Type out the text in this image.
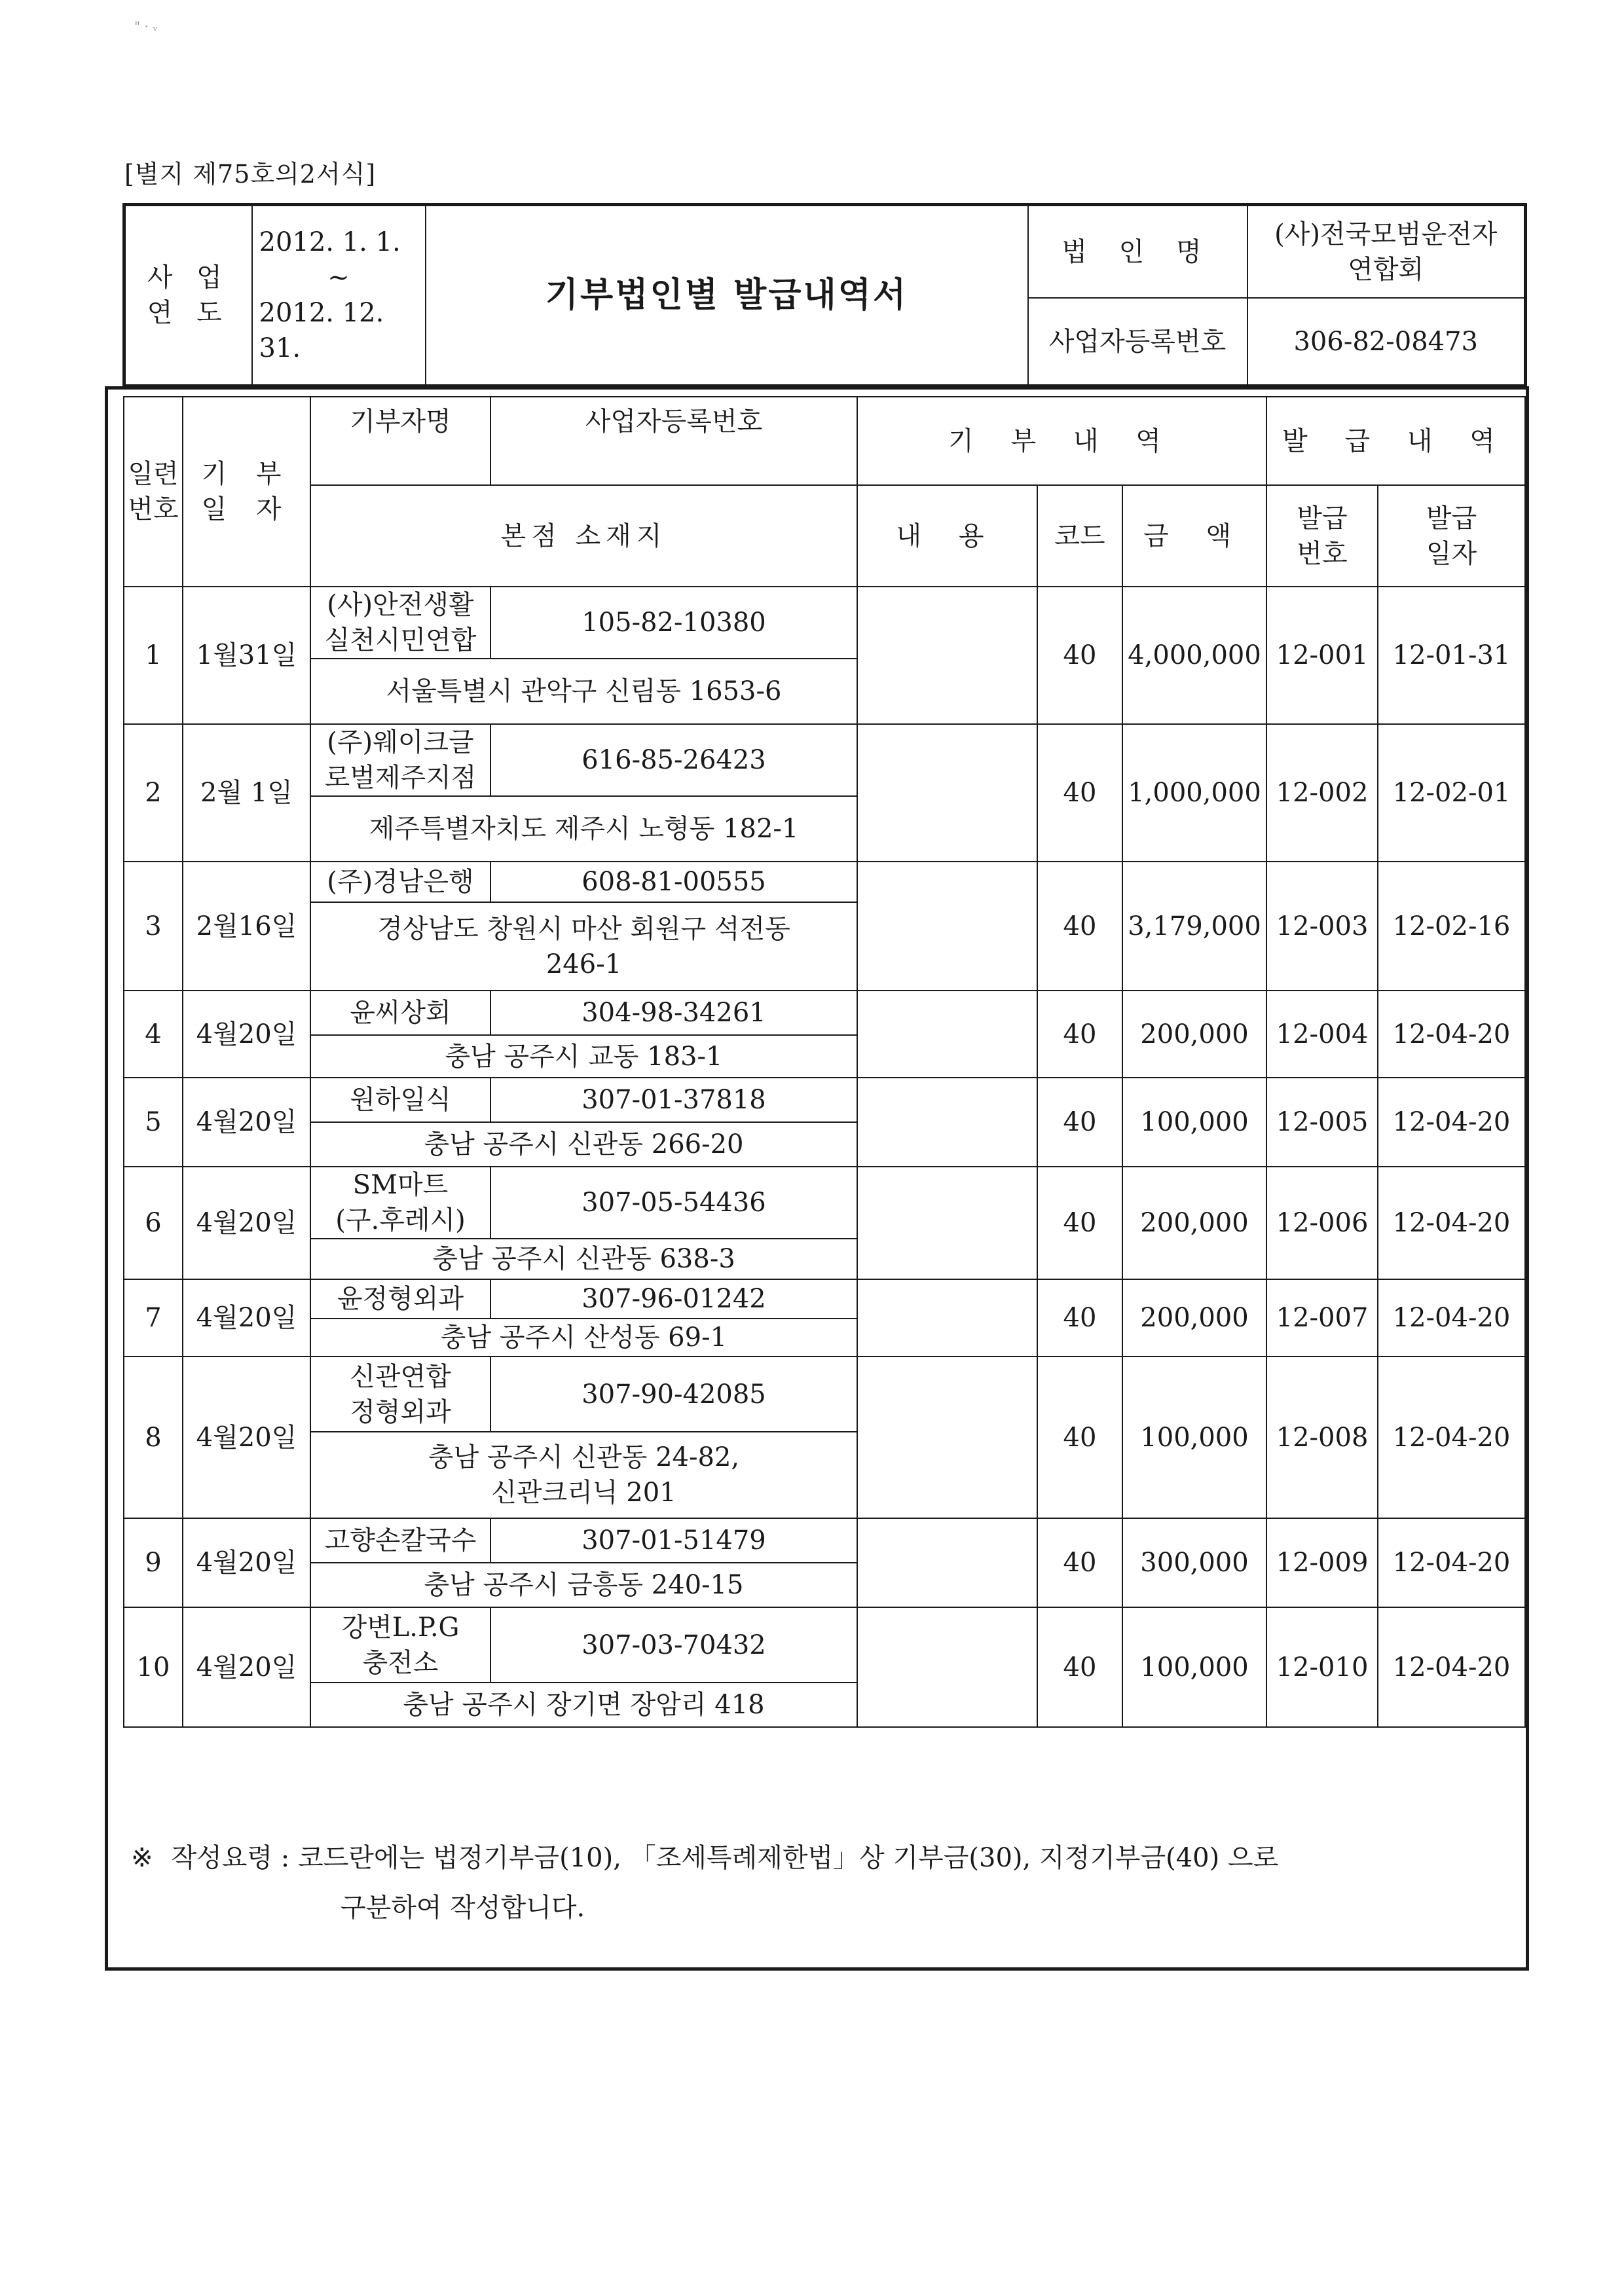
" · ᵥ
[별지 제75호의2서식]
사 업
연 도	2012. 1. 1.
~
2012. 12. 31.	기부법인별 발급내역서	법 인 명	(사)전국모범운전자
연합회
			사업자등록번호	306-82-08473
일련
번호	기 부
일 자	기부자명	사업자등록번호	기 부 내 역			발 급 내 역	
		본점 소재지		내 용	코드	금 액	발급
번호	발급
일자
1	1월31일	(사)안전생활
실천시민연합	105-82-10380		40	4,000,000	12-001	12-01-31
		서울특별시 관악구 신림동 1653-6						
2	2월 1일	(주)웨이크글
로벌제주지점	616-85-26423		40	1,000,000	12-002	12-02-01
		제주특별자치도 제주시 노형동 182-1						
3	2월16일	(주)경남은행	608-81-00555		40	3,179,000	12-003	12-02-16
		경상남도 창원시 마산 회원구 석전동
246-1						
4	4월20일	윤씨상회	304-98-34261		40	200,000	12-004	12-04-20
		충남 공주시 교동 183-1						
5	4월20일	원하일식	307-01-37818		40	100,000	12-005	12-04-20
		충남 공주시 신관동 266-20						
6	4월20일	SM마트
(구.후레시)	307-05-54436		40	200,000	12-006	12-04-20
		충남 공주시 신관동 638-3						
7	4월20일	윤정형외과	307-96-01242		40	200,000	12-007	12-04-20
		충남 공주시 산성동 69-1						
8	4월20일	신관연합
정형외과	307-90-42085		40	100,000	12-008	12-04-20
		충남 공주시 신관동 24-82,
신관크리닉 201						
9	4월20일	고향손칼국수	307-01-51479		40	300,000	12-009	12-04-20
		충남 공주시 금흥동 240-15						
10	4월20일	강변L.P.G
충전소	307-03-70432		40	100,000	12-010	12-04-20
		충남 공주시 장기면 장암리 418						
※ 작성요령 : 코드란에는 법정기부금(10), 「조세특례제한법」상 기부금(30), 지정기부금(40) 으로
구분하여 작성합니다.
